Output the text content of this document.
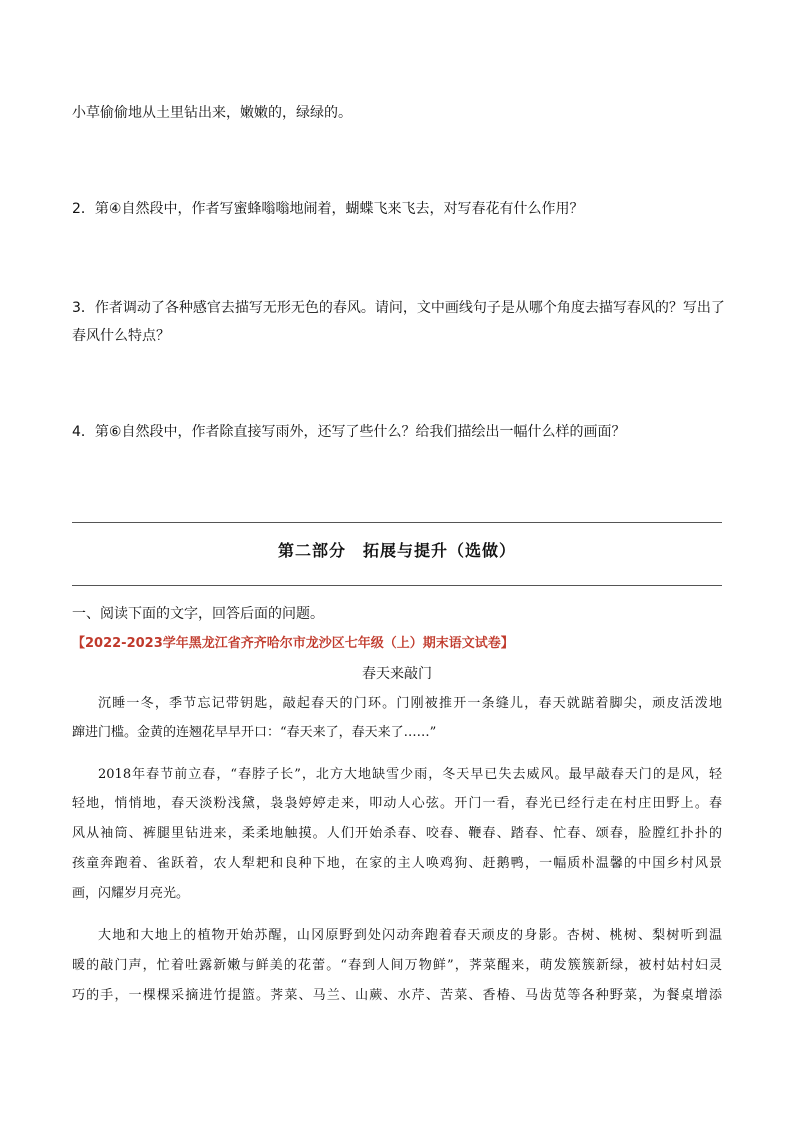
小草偷偷地从土里钻出来，嫩嫩的，绿绿的。
2．第④自然段中，作者写蜜蜂嗡嗡地闹着，蝴蝶飞来飞去，对写春花有什么作用？
3．作者调动了各种感官去描写无形无色的春风。请问，文中画线句子是从哪个角度去描写春风的？写出了
春风什么特点？
4．第⑥自然段中，作者除直接写雨外，还写了些什么？给我们描绘出一幅什么样的画面？
第二部分　拓展与提升（选做）
一、阅读下面的文字，回答后面的问题。
【2022-2023学年黑龙江省齐齐哈尔市龙沙区七年级（上）期末语文试卷】
春天来敲门
沉睡一冬，季节忘记带钥匙，敲起春天的门环。门刚被推开一条缝儿，春天就踮着脚尖，顽皮活泼地
蹿进门槛。金黄的连翘花早早开口：“春天来了，春天来了……”
2018年春节前立春，“春脖子长”，北方大地缺雪少雨，冬天早已失去威风。最早敲春天门的是风，轻
轻地，悄悄地，春天淡粉浅黛，袅袅婷婷走来，叩动人心弦。开门一看，春光已经行走在村庄田野上。春
风从袖筒、裤腿里钻进来，柔柔地触摸。人们开始杀春、咬春、鞭春、踏春、忙春、颂春，脸膛红扑扑的
孩童奔跑着、雀跃着，农人犁耙和良种下地，在家的主人唤鸡狗、赶鹅鸭，一幅质朴温馨的中国乡村风景
画，闪耀岁月亮光。
大地和大地上的植物开始苏醒，山冈原野到处闪动奔跑着春天顽皮的身影。杏树、桃树、梨树听到温
暖的敲门声，忙着吐露新嫩与鲜美的花蕾。“春到人间万物鲜”，荠菜醒来，萌发簇簇新绿，被村姑村妇灵
巧的手，一棵棵采摘进竹提篮。荠菜、马兰、山蕨、水芹、苦菜、香椿、马齿苋等各种野菜，为餐桌增添
